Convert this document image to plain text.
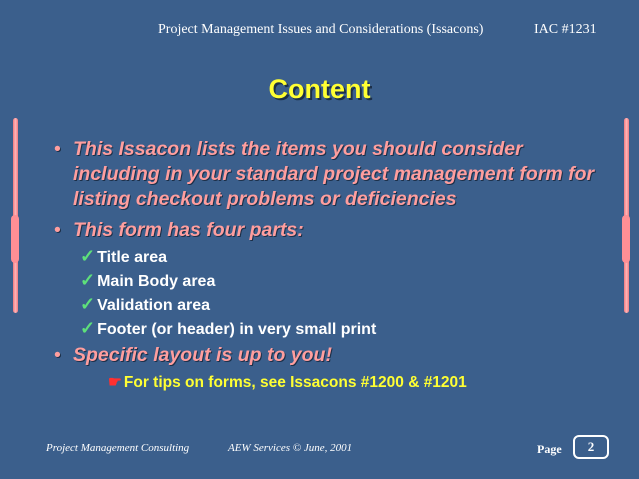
Project Management Issues and Considerations (Issacons)	IAC #1231
Content
• This Issacon lists the items you should consider including in your standard project management form for listing checkout problems or deficiencies
• This form has four parts:
✓ Title area
✓ Main Body area
✓ Validation area
✓ Footer (or header) in very small print
• Specific layout is up to you!
☛ For tips on forms, see Issacons #1200 & #1201
Project Management Consulting	AEW Services © June, 2001	Page	2
